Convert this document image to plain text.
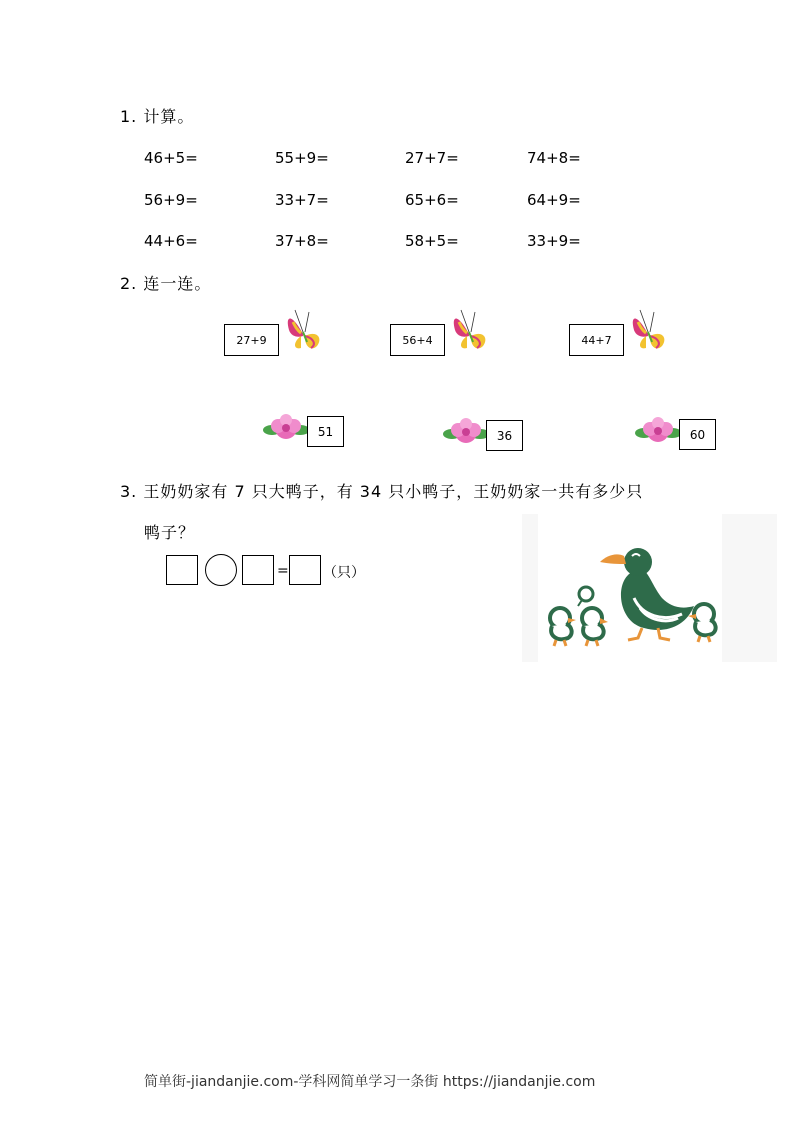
1. 计算。
46+5=	55+9=	27+7=	74+8=
56+9=	33+7=	65+6=	64+9=
44+6=	37+8=	58+5=	33+9=
2. 连一连。
27+9	56+4	44+7
51	36	60
3. 王奶奶家有 7 只大鸭子，有 34 只小鸭子，王奶奶家一共有多少只
鸭子？
= （只）
简单街-jiandanjie.com-学科网简单学习一条街 https://jiandanjie.com
